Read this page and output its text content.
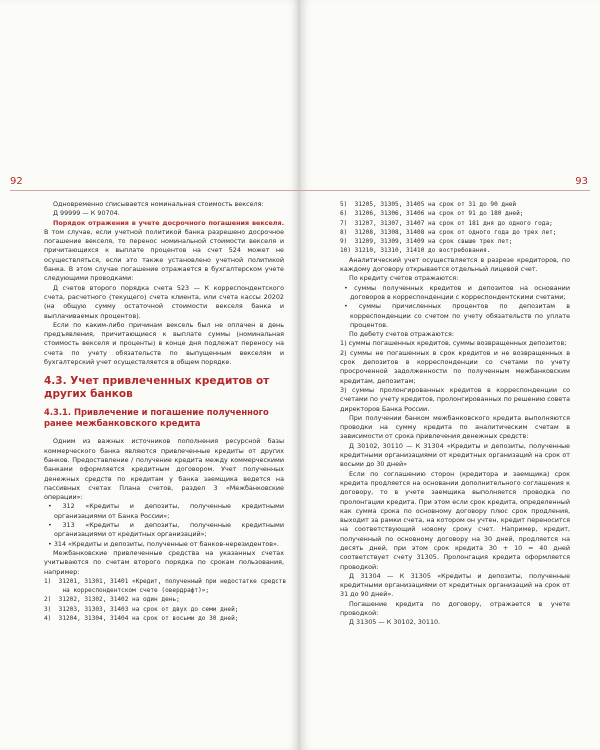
92

Одновременно списывается номинальная стоимость векселя:

Д 99999 — К 90704.

Порядок отражения в учете досрочного погашения векселя. В том случае, если учетной политикой банка разрешено досрочное погашение векселя, то перенос номинальной стоимости векселя и причитающихся к выплате процентов на счет 524 может не осуществляться, если это также установлено учетной политикой банка. В этом случае погашение отражается в бухгалтерском учете следующими проводками:

Д счетов второго порядка счета 523 — К корреспондентского счета, расчетного (текущего) счета клиента, или счета кассы 20202 (на общую сумму остаточной стоимости векселя банка и выплачиваемых процентов).

Если по каким-либо причинам вексель был не оплачен в день предъявления, причитающиеся к выплате суммы (номинальная стоимость векселя и проценты) в конце дня подлежат переносу на счета по учету обязательств по выпущенным векселям и бухгалтерский учет осуществляется в общем порядке.

4.3. Учет привлеченных кредитов от других банков
4.3.1. Привлечение и погашение полученного ранее межбанковского кредита

Одним из важных источников пополнения ресурсной базы коммерческого банка являются привлеченные кредиты от других банков. Предоставление / получение кредита между коммерческими банками оформляется кредитным договором. Учет полученных денежных средств по кредитам у банка заемщика ведется на пассивных счетах Плана счетов, раздел 3 «Межбанковские операции»:

• 312 «Кредиты и депозиты, полученные кредитными организациями от Банка России»;

• 313 «Кредиты и депозиты, полученные кредитными организациями от кредитных организаций»;

• 314 «Кредиты и депозиты, полученные от банков-нерезидентов».

Межбанковские привлеченные средства на указанных счетах учитываются по счетам второго порядка по срокам пользования, например:

1)  31201, 31301, 31401 «Кредит, полученный при недостатке средств
на корреспондентском счете (овердрафт)»;
2)  31202, 31302, 31402 на один день;
3)  31203, 31303, 31403 на срок от двух до семи дней;
4)  31204, 31304, 31404 на срок от восьми до 30 дней;
93
5)  31205, 31305, 31405 на срок от 31 до 90 дней
6)  31206, 31306, 31406 на срок от 91 до 180 дней;
7)  31207, 31307, 31407 на срок от 181 дня до одного года;
8)  31208, 31308, 31408 на срок от одного года до трех лет;
9)  31209, 31309, 31409 на срок свыше трех лет;
10) 31210, 31310, 31410 до востребования.

Аналитический учет осуществляется в разрезе кредиторов, по каждому договору открывается отдельный лицевой счет.

По кредиту счетов отражаются:

• суммы полученных кредитов и депозитов на основании договоров в корреспонденции с корреспондентскими счетами;

• суммы причисленных процентов по депозитам в корреспонденции со счетом по учету обязательств по уплате процентов.

По дебету счетов отражаются:

1) суммы погашенных кредитов, суммы возвращенных депозитов;

2) суммы не погашенных в срок кредитов и не возвращенных в срок депозитов в корреспонденции со счетами по учету просроченной задолженности по полученным межбанковским кредитам, депозитам;

3) суммы пролонгированных кредитов в корреспонденции со счетами по учету кредитов, пролонгированных по решению совета директоров Банка России.

При получении банком межбанковского кредита выполняются проводки на сумму кредита по аналитическим счетам в зависимости от срока привлечения денежных средств:

Д 30102, 30110 — К 31304 «Кредиты и депозиты, полученные кредитными организациями от кредитных организаций на срок от восьми до 30 дней»

Если по соглашению сторон (кредитора и заемщика) срок кредита продляется на основании дополнительного соглашения к договору, то в учете заемщика выполняется проводка по пролонгации кредита. При этом если срок кредита, определенный как сумма срока по основному договору плюс срок продления, выходит за рамки счета, на котором он учтен, кредит переносится на соответствующий новому сроку счет. Например, кредит, полученный по основному договору на 30 дней, продляется на десять дней, при этом срок кредита 30 + 10 = 40 дней соответствует счету 31305. Пролонгация кредита оформляется проводкой:

Д 31304 — К 31305 «Кредиты и депозиты, полученные кредитными организациями от кредитных организаций на срок от 31 до 90 дней».

Погашение кредита по договору, отражается в учете проводкой:

Д 31305 — К 30102, 30110.
